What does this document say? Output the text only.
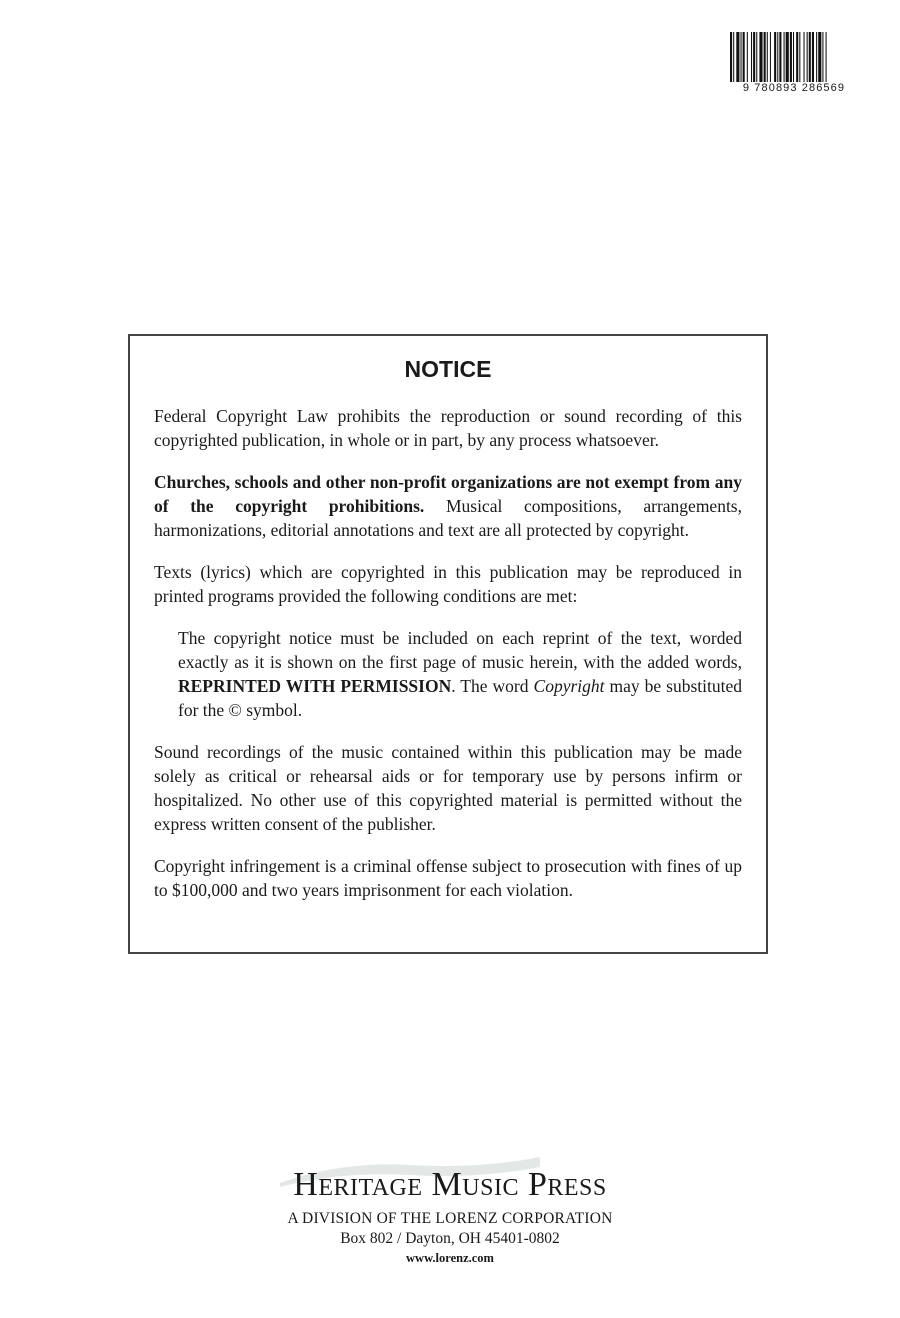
9 780893 286569
NOTICE

Federal Copyright Law prohibits the reproduction or sound recording of this copyrighted publication, in whole or in part, by any process whatsoever.

Churches, schools and other non-profit organizations are not exempt from any of the copyright prohibitions. Musical compositions, arrangements, harmonizations, editorial annotations and text are all protected by copyright.

Texts (lyrics) which are copyrighted in this publication may be reproduced in printed programs provided the following conditions are met:

The copyright notice must be included on each reprint of the text, worded exactly as it is shown on the first page of music herein, with the added words, REPRINTED WITH PERMISSION. The word Copyright may be substituted for the © symbol.

Sound recordings of the music contained within this publication may be made solely as critical or rehearsal aids or for temporary use by persons infirm or hospitalized. No other use of this copyrighted material is permitted without the express written consent of the publisher.

Copyright infringement is a criminal offense subject to prosecution with fines of up to $100,000 and two years imprisonment for each violation.

Heritage Music Press
A DIVISION OF THE LORENZ CORPORATION
Box 802 / Dayton, OH 45401-0802
www.lorenz.com
